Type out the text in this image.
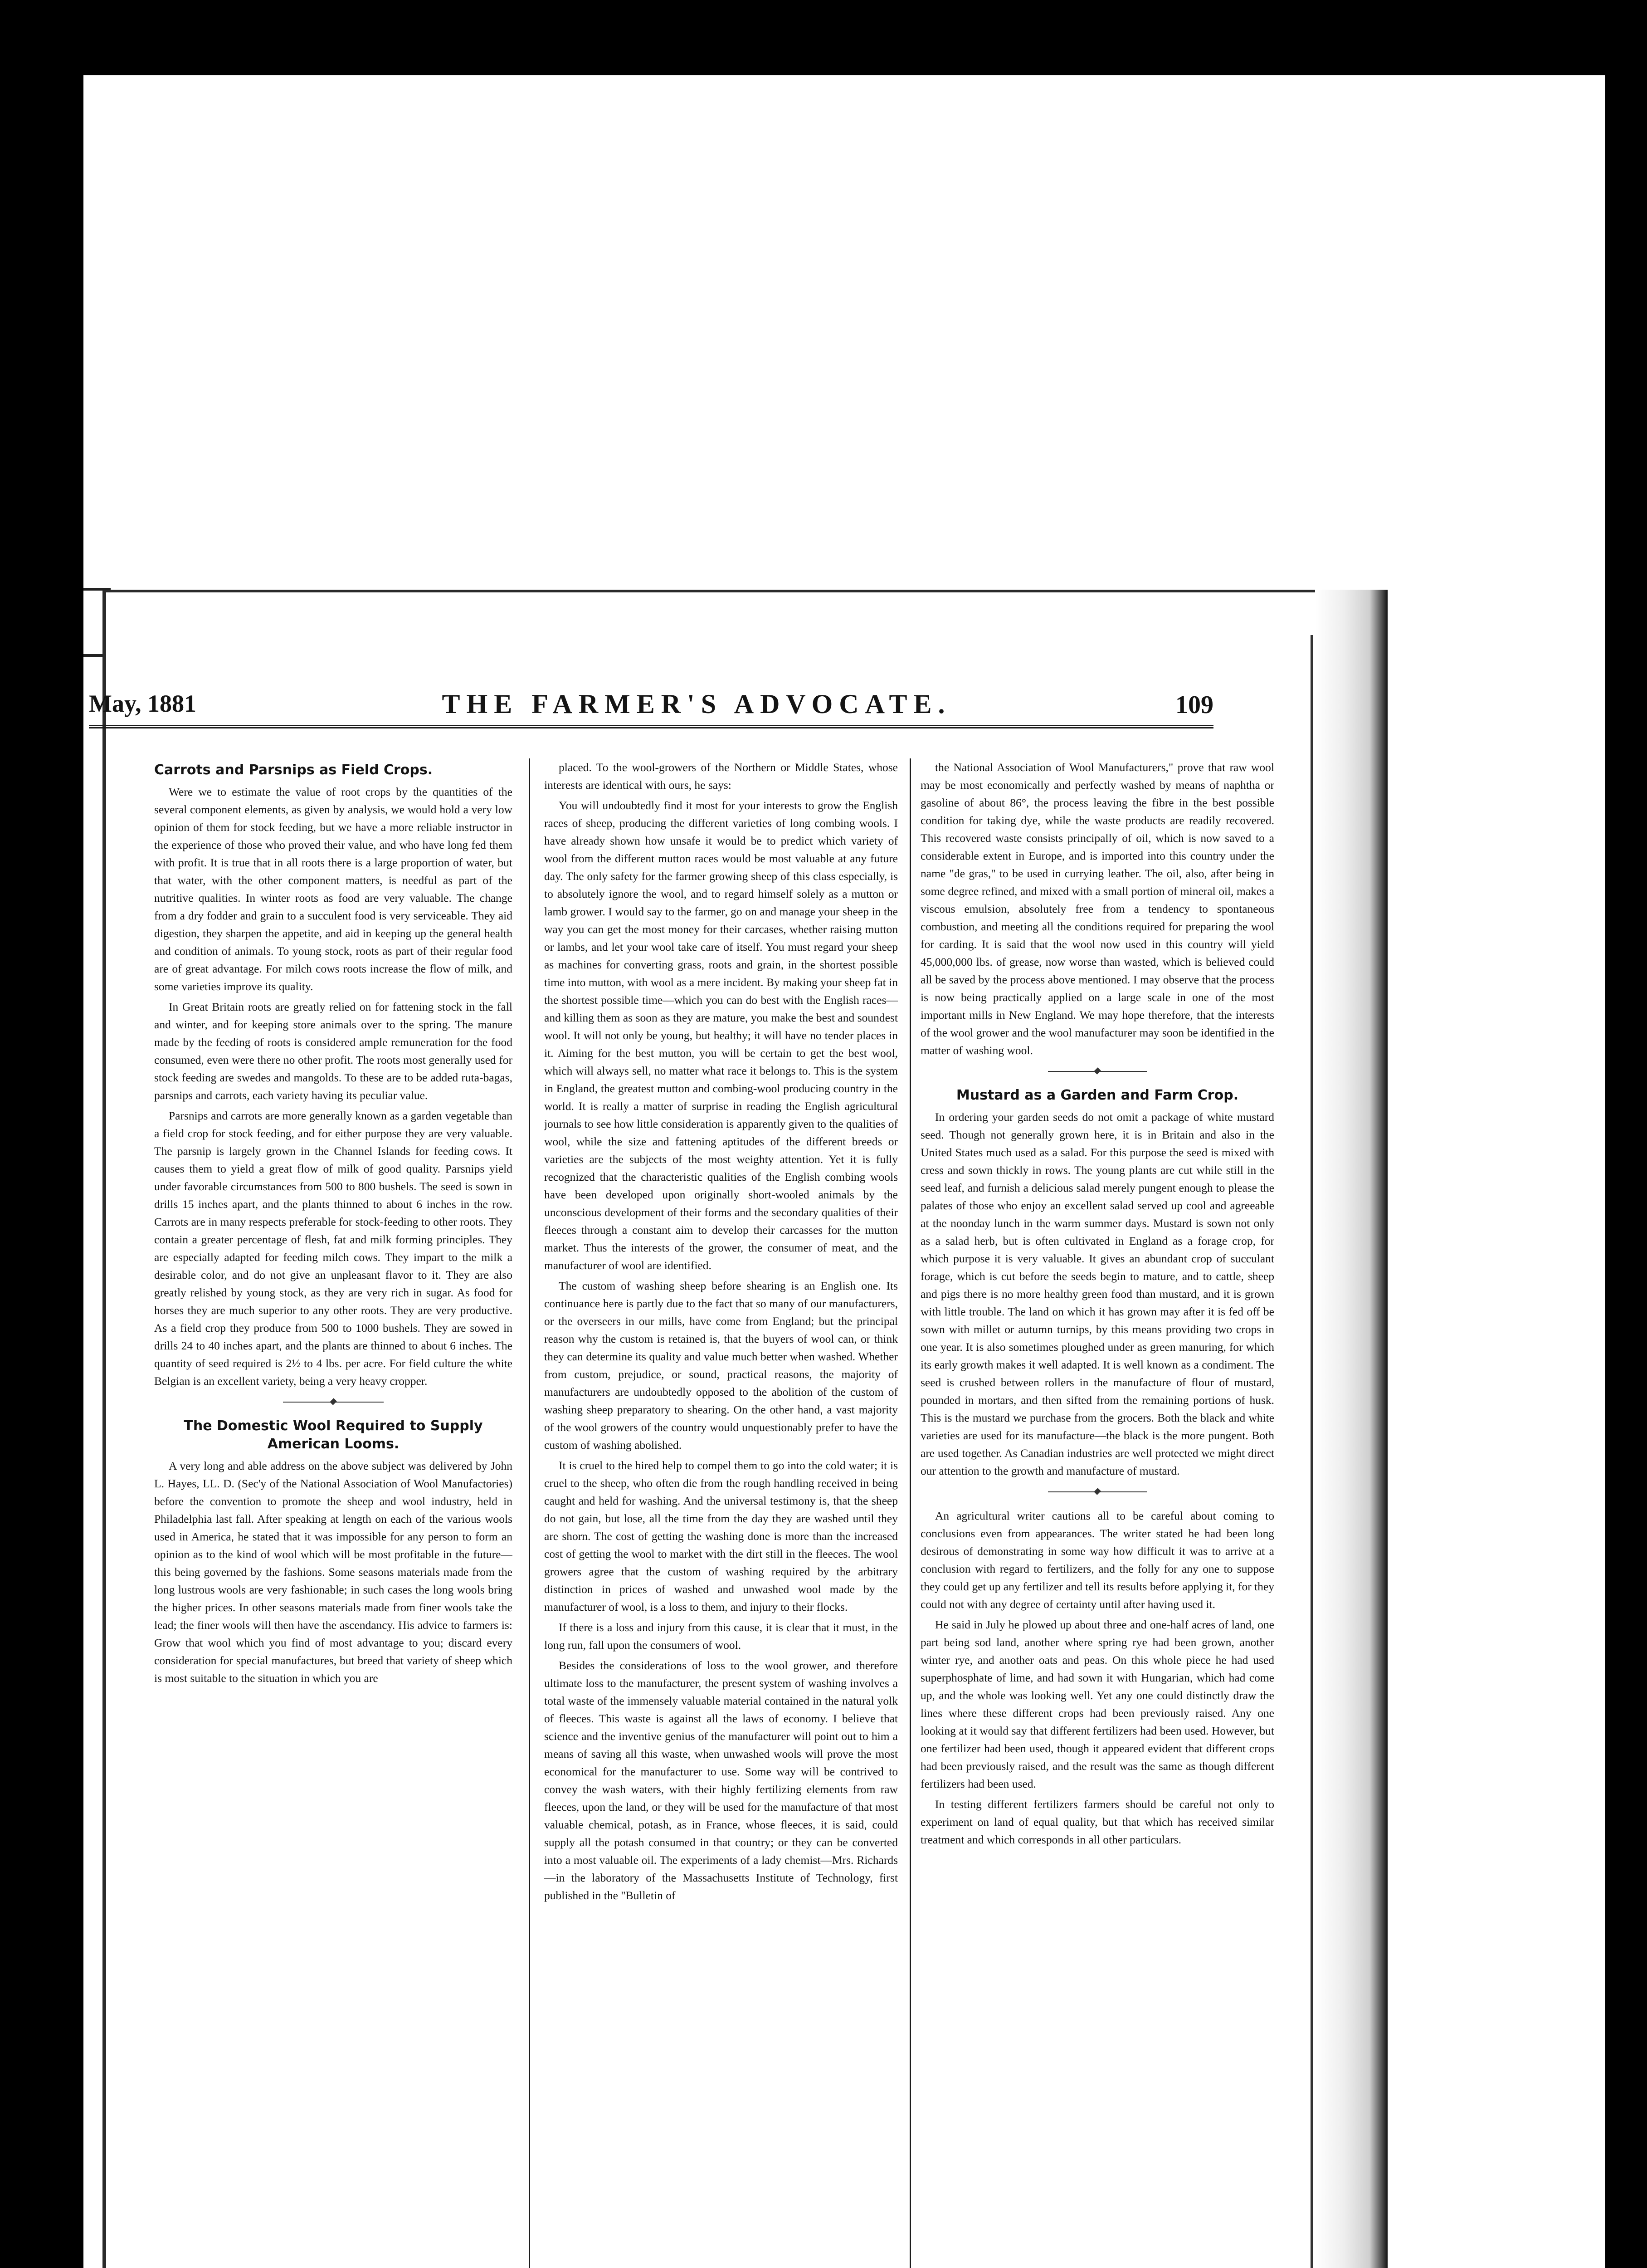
May, 1881	THE FARMER'S ADVOCATE.	109
Carrots and Parsnips as Field Crops.

Were we to estimate the value of root crops by the quantities of the several component elements, as given by analysis, we would hold a very low opinion of them for stock feeding, but we have a more reliable instructor in the experience of those who proved their value, and who have long fed them with profit. It is true that in all roots there is a large proportion of water, but that water, with the other component matters, is needful as part of the nutritive qualities. In winter roots as food are very valuable. The change from a dry fodder and grain to a succulent food is very serviceable. They aid digestion, they sharpen the appetite, and aid in keeping up the general health and condition of animals. To young stock, roots as part of their regular food are of great advantage. For milch cows roots increase the flow of milk, and some varieties improve its quality.

In Great Britain roots are greatly relied on for fattening stock in the fall and winter, and for keeping store animals over to the spring. The manure made by the feeding of roots is considered ample remuneration for the food consumed, even were there no other profit. The roots most generally used for stock feeding are swedes and mangolds. To these are to be added ruta-bagas, parsnips and carrots, each variety having its peculiar value.

Parsnips and carrots are more generally known as a garden vegetable than a field crop for stock feeding, and for either purpose they are very valuable. The parsnip is largely grown in the Channel Islands for feeding cows. It causes them to yield a great flow of milk of good quality. Parsnips yield under favorable circumstances from 500 to 800 bushels. The seed is sown in drills 15 inches apart, and the plants thinned to about 6 inches in the row. Carrots are in many respects preferable for stock-feeding to other roots. They contain a greater percentage of flesh, fat and milk forming principles. They are especially adapted for feeding milch cows. They impart to the milk a desirable color, and do not give an unpleasant flavor to it. They are also greatly relished by young stock, as they are very rich in sugar. As food for horses they are much superior to any other roots. They are very productive. As a field crop they produce from 500 to 1000 bushels. They are sowed in drills 24 to 40 inches apart, and the plants are thinned to about 6 inches. The quantity of seed required is 2½ to 4 lbs. per acre. For field culture the white Belgian is an excellent variety, being a very heavy cropper.

The Domestic Wool Required to Supply American Looms.

A very long and able address on the above subject was delivered by John L. Hayes, LL. D. (Sec'y of the National Association of Wool Manufactories) before the convention to promote the sheep and wool industry, held in Philadelphia last fall. After speaking at length on each of the various wools used in America, he stated that it was impossible for any person to form an opinion as to the kind of wool which will be most profitable in the future—this being governed by the fashions. Some seasons materials made from the long lustrous wools are very fashionable; in such cases the long wools bring the higher prices. In other seasons materials made from finer wools take the lead; the finer wools will then have the ascendancy. His advice to farmers is: Grow that wool which you find of most advantage to you; discard every consideration for special manufactures, but breed that variety of sheep which is most suitable to the situation in which you are

placed. To the wool-growers of the Northern or Middle States, whose interests are identical with ours, he says:

You will undoubtedly find it most for your interests to grow the English races of sheep, producing the different varieties of long combing wools. I have already shown how unsafe it would be to predict which variety of wool from the different mutton races would be most valuable at any future day. The only safety for the farmer growing sheep of this class especially, is to absolutely ignore the wool, and to regard himself solely as a mutton or lamb grower. I would say to the farmer, go on and manage your sheep in the way you can get the most money for their carcases, whether raising mutton or lambs, and let your wool take care of itself. You must regard your sheep as machines for converting grass, roots and grain, in the shortest possible time into mutton, with wool as a mere incident. By making your sheep fat in the shortest possible time—which you can do best with the English races—and killing them as soon as they are mature, you make the best and soundest wool. It will not only be young, but healthy; it will have no tender places in it. Aiming for the best mutton, you will be certain to get the best wool, which will always sell, no matter what race it belongs to. This is the system in England, the greatest mutton and combing-wool producing country in the world. It is really a matter of surprise in reading the English agricultural journals to see how little consideration is apparently given to the qualities of wool, while the size and fattening aptitudes of the different breeds or varieties are the subjects of the most weighty attention. Yet it is fully recognized that the characteristic qualities of the English combing wools have been developed upon originally short-wooled animals by the unconscious development of their forms and the secondary qualities of their fleeces through a constant aim to develop their carcasses for the mutton market. Thus the interests of the grower, the consumer of meat, and the manufacturer of wool are identified.

The custom of washing sheep before shearing is an English one. Its continuance here is partly due to the fact that so many of our manufacturers, or the overseers in our mills, have come from England; but the principal reason why the custom is retained is, that the buyers of wool can, or think they can determine its quality and value much better when washed. Whether from custom, prejudice, or sound, practical reasons, the majority of manufacturers are undoubtedly opposed to the abolition of the custom of washing sheep preparatory to shearing. On the other hand, a vast majority of the wool growers of the country would unquestionably prefer to have the custom of washing abolished.

It is cruel to the hired help to compel them to go into the cold water; it is cruel to the sheep, who often die from the rough handling received in being caught and held for washing. And the universal testimony is, that the sheep do not gain, but lose, all the time from the day they are washed until they are shorn. The cost of getting the washing done is more than the increased cost of getting the wool to market with the dirt still in the fleeces. The wool growers agree that the custom of washing required by the arbitrary distinction in prices of washed and unwashed wool made by the manufacturer of wool, is a loss to them, and injury to their flocks.

If there is a loss and injury from this cause, it is clear that it must, in the long run, fall upon the consumers of wool.

Besides the considerations of loss to the wool grower, and therefore ultimate loss to the manufacturer, the present system of washing involves a total waste of the immensely valuable material contained in the natural yolk of fleeces. This waste is against all the laws of economy. I believe that science and the inventive genius of the manufacturer will point out to him a means of saving all this waste, when unwashed wools will prove the most economical for the manufacturer to use. Some way will be contrived to convey the wash waters, with their highly fertilizing elements from raw fleeces, upon the land, or they will be used for the manufacture of that most valuable chemical, potash, as in France, whose fleeces, it is said, could supply all the potash consumed in that country; or they can be converted into a most valuable oil. The experiments of a lady chemist—Mrs. Richards—in the laboratory of the Massachusetts Institute of Technology, first published in the "Bulletin of

the National Association of Wool Manufacturers," prove that raw wool may be most economically and perfectly washed by means of naphtha or gasoline of about 86°, the process leaving the fibre in the best possible condition for taking dye, while the waste products are readily recovered. This recovered waste consists principally of oil, which is now saved to a considerable extent in Europe, and is imported into this country under the name "de gras," to be used in currying leather. The oil, also, after being in some degree refined, and mixed with a small portion of mineral oil, makes a viscous emulsion, absolutely free from a tendency to spontaneous combustion, and meeting all the conditions required for preparing the wool for carding. It is said that the wool now used in this country will yield 45,000,000 lbs. of grease, now worse than wasted, which is believed could all be saved by the process above mentioned. I may observe that the process is now being practically applied on a large scale in one of the most important mills in New England. We may hope therefore, that the interests of the wool grower and the wool manufacturer may soon be identified in the matter of washing wool.

Mustard as a Garden and Farm Crop.

In ordering your garden seeds do not omit a package of white mustard seed. Though not generally grown here, it is in Britain and also in the United States much used as a salad. For this purpose the seed is mixed with cress and sown thickly in rows. The young plants are cut while still in the seed leaf, and furnish a delicious salad merely pungent enough to please the palates of those who enjoy an excellent salad served up cool and agreeable at the noonday lunch in the warm summer days. Mustard is sown not only as a salad herb, but is often cultivated in England as a forage crop, for which purpose it is very valuable. It gives an abundant crop of succulant forage, which is cut before the seeds begin to mature, and to cattle, sheep and pigs there is no more healthy green food than mustard, and it is grown with little trouble. The land on which it has grown may after it is fed off be sown with millet or autumn turnips, by this means providing two crops in one year. It is also sometimes ploughed under as green manuring, for which its early growth makes it well adapted. It is well known as a condiment. The seed is crushed between rollers in the manufacture of flour of mustard, pounded in mortars, and then sifted from the remaining portions of husk. This is the mustard we purchase from the grocers. Both the black and white varieties are used for its manufacture—the black is the more pungent. Both are used together. As Canadian industries are well protected we might direct our attention to the growth and manufacture of mustard.

An agricultural writer cautions all to be careful about coming to conclusions even from appearances. The writer stated he had been long desirous of demonstrating in some way how difficult it was to arrive at a conclusion with regard to fertilizers, and the folly for any one to suppose they could get up any fertilizer and tell its results before applying it, for they could not with any degree of certainty until after having used it.

He said in July he plowed up about three and one-half acres of land, one part being sod land, another where spring rye had been grown, another winter rye, and another oats and peas. On this whole piece he had used superphosphate of lime, and had sown it with Hungarian, which had come up, and the whole was looking well. Yet any one could distinctly draw the lines where these different crops had been previously raised. Any one looking at it would say that different fertilizers had been used. However, but one fertilizer had been used, though it appeared evident that different crops had been previously raised, and the result was the same as though different fertilizers had been used.

In testing different fertilizers farmers should be careful not only to experiment on land of equal quality, but that which has received similar treatment and which corresponds in all other particulars.
